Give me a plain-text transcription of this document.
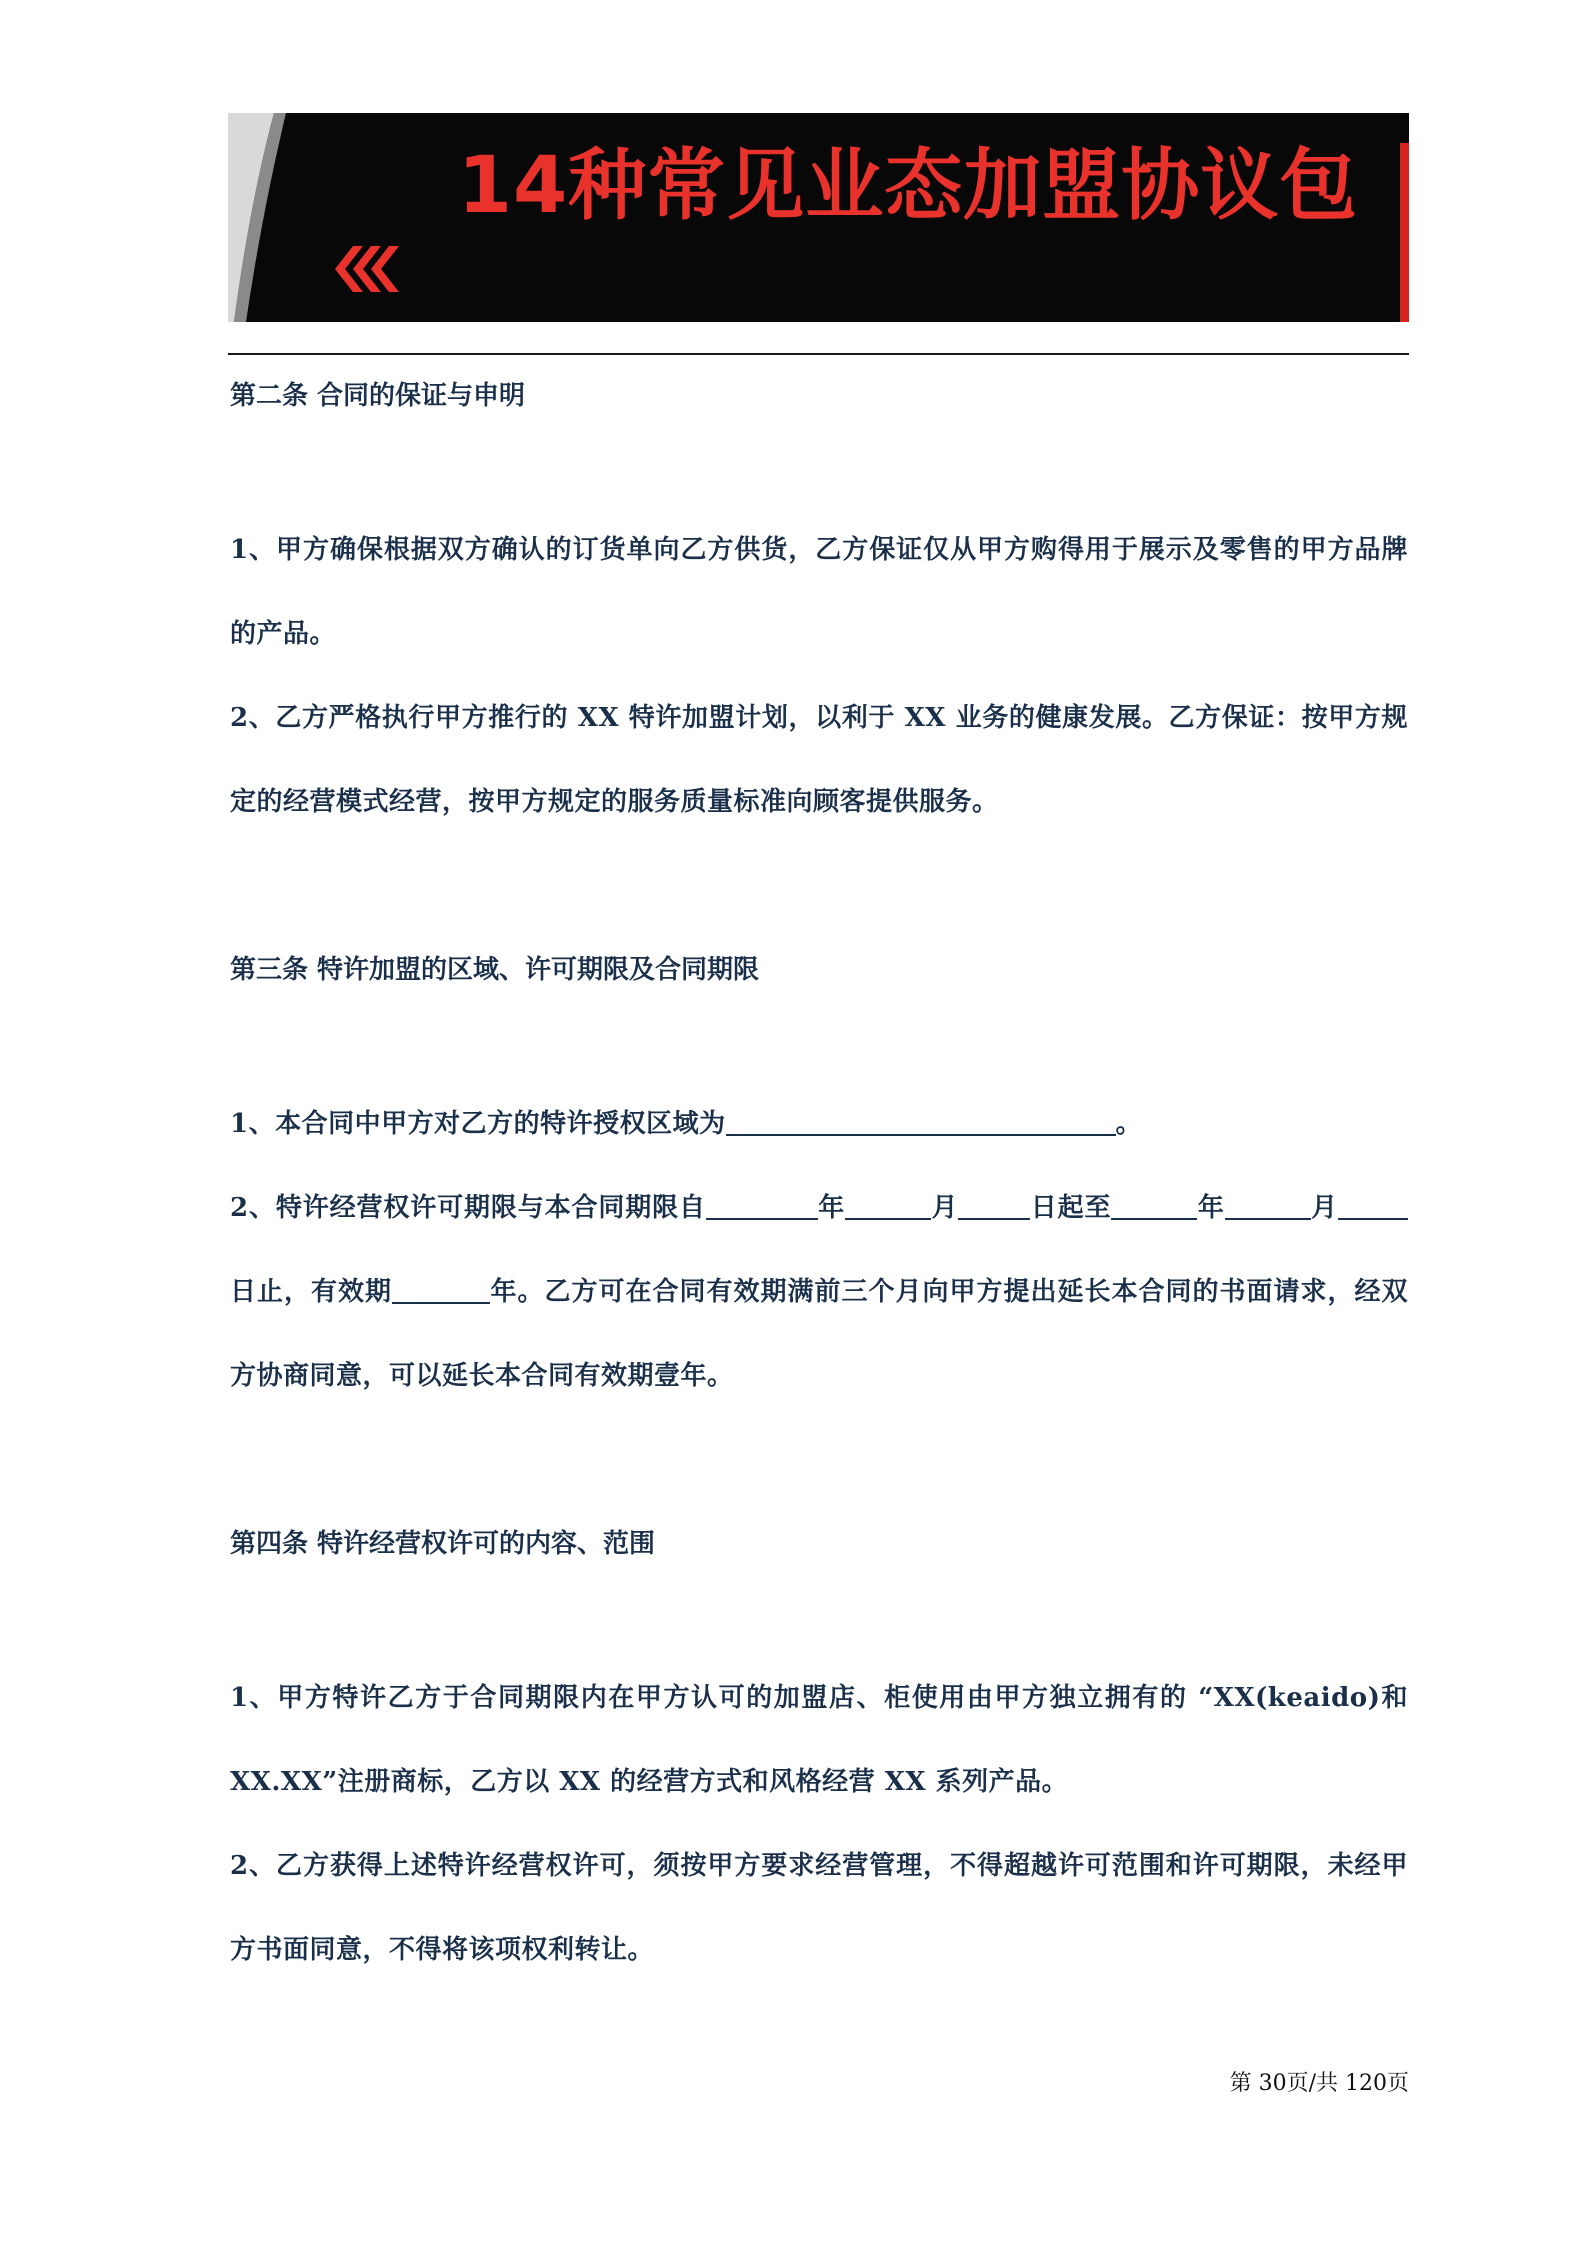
14种常见业态加盟协议包

第二条 合同的保证与申明

1、甲方确保根据双方确认的订货单向乙方供货，乙方保证仅从甲方购得用于展示及零售的甲方品牌的产品。

2、乙方严格执行甲方推行的 XX 特许加盟计划，以利于 XX 业务的健康发展。乙方保证：按甲方规定的经营模式经营，按甲方规定的服务质量标准向顾客提供服务。

第三条 特许加盟的区域、许可期限及合同期限

1、本合同中甲方对乙方的特许授权区域为	。

2、特许经营权许可期限与本合同期限自	年	月	日起至	年	月日止，有效期	年。乙方可在合同有效期满前三个月向甲方提出延长本合同的书面请求，经双方协商同意，可以延长本合同有效期壹年。

第四条 特许经营权许可的内容、范围

1、甲方特许乙方于合同期限内在甲方认可的加盟店、柜使用由甲方独立拥有的 “XX(keaido)和 XX.XX”注册商标，乙方以 XX 的经营方式和风格经营 XX 系列产品。

2、乙方获得上述特许经营权许可，须按甲方要求经营管理，不得超越许可范围和许可期限，未经甲方书面同意，不得将该项权利转让。

第 30页/共 120页
